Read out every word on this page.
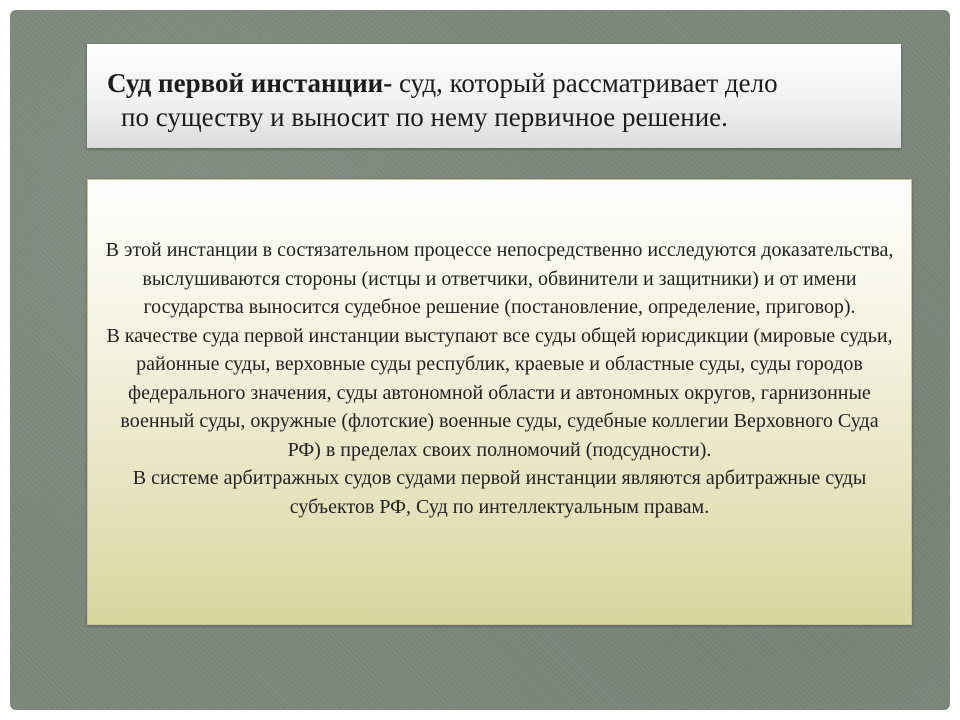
Суд первой инстанции- суд, который рассматривает дело
по существу и выносит по нему первичное решение.

В этой инстанции в состязательном процессе непосредственно исследуются доказательства, выслушиваются стороны (истцы и ответчики, обвинители и защитники) и от имени государства выносится судебное решение (постановление, определение, приговор).

В качестве суда первой инстанции выступают все суды общей юрисдикции (мировые судьи, районные суды, верховные суды республик, краевые и областные суды, суды городов федерального значения, суды автономной области и автономных округов, гарнизонные военный суды, окружные (флотские) военные суды, судебные коллегии Верховного Суда РФ) в пределах своих полномочий (подсудности).

В системе арбитражных судов судами первой инстанции являются арбитражные суды субъектов РФ, Суд по интеллектуальным правам.
